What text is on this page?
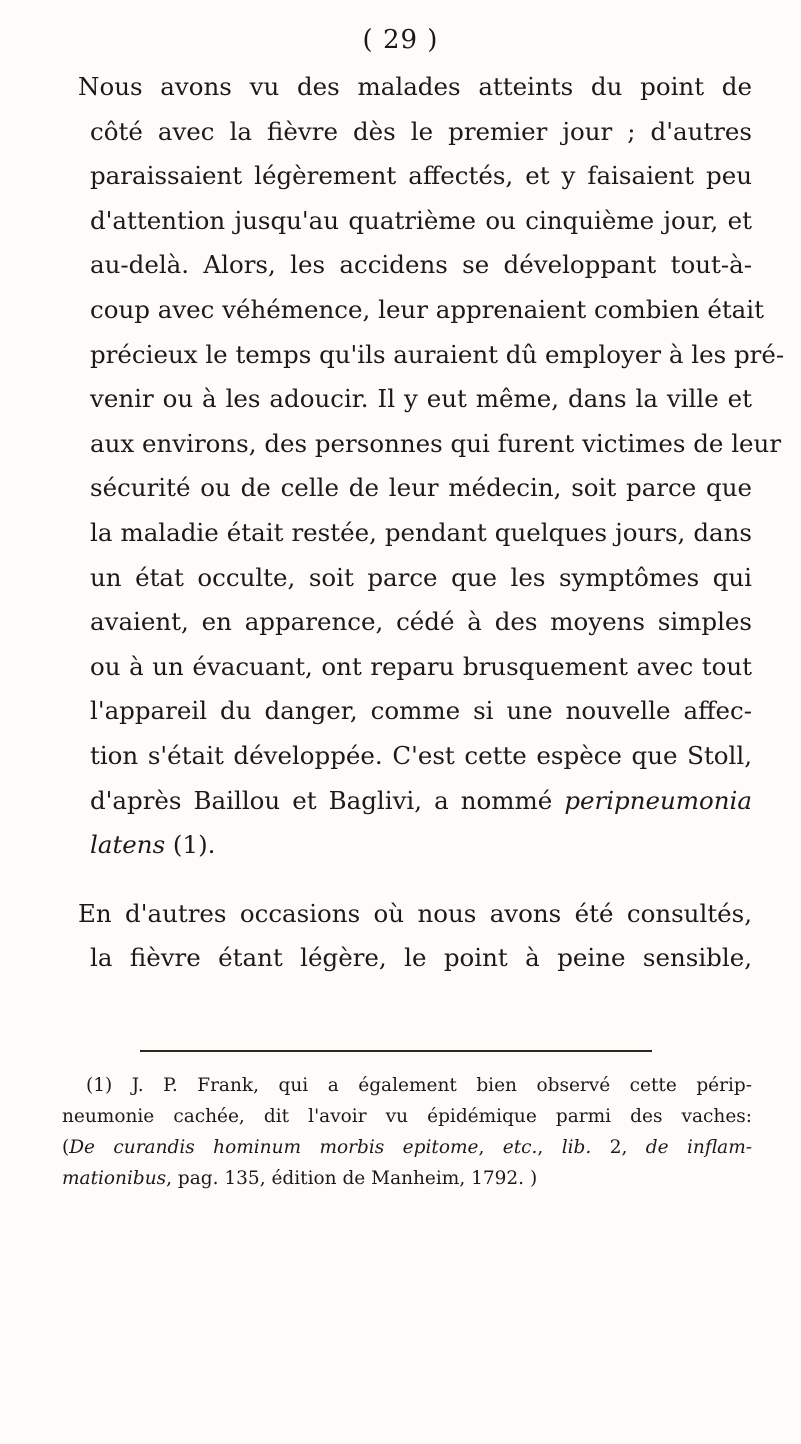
( 29 )

Nous avons vu des malades atteints du point de
côté avec la fièvre dès le premier jour ; d'autres
paraissaient légèrement affectés, et y faisaient peu
d'attention jusqu'au quatrième ou cinquième jour, et
au-delà. Alors, les accidens se développant tout-à-
coup avec véhémence, leur apprenaient combien était
précieux le temps qu'ils auraient dû employer à les pré-
venir ou à les adoucir. Il y eut même, dans la ville et
aux environs, des personnes qui furent victimes de leur
sécurité ou de celle de leur médecin, soit parce que
la maladie était restée, pendant quelques jours, dans
un état occulte, soit parce que les symptômes qui
avaient, en apparence, cédé à des moyens simples
ou à un évacuant, ont reparu brusquement avec tout
l'appareil du danger, comme si une nouvelle affec-
tion s'était développée. C'est cette espèce que Stoll,
d'après Baillou et Baglivi, a nommé peripneumonia
latens (1).

En d'autres occasions où nous avons été consultés,
la fièvre étant légère, le point à peine sensible,

(1) J. P. Frank, qui a également bien observé cette périp-
neumonie cachée, dit l'avoir vu épidémique parmi des vaches:
(De curandis hominum morbis epitome, etc., lib. 2, de inflam-
mationibus, pag. 135, édition de Manheim, 1792. )
